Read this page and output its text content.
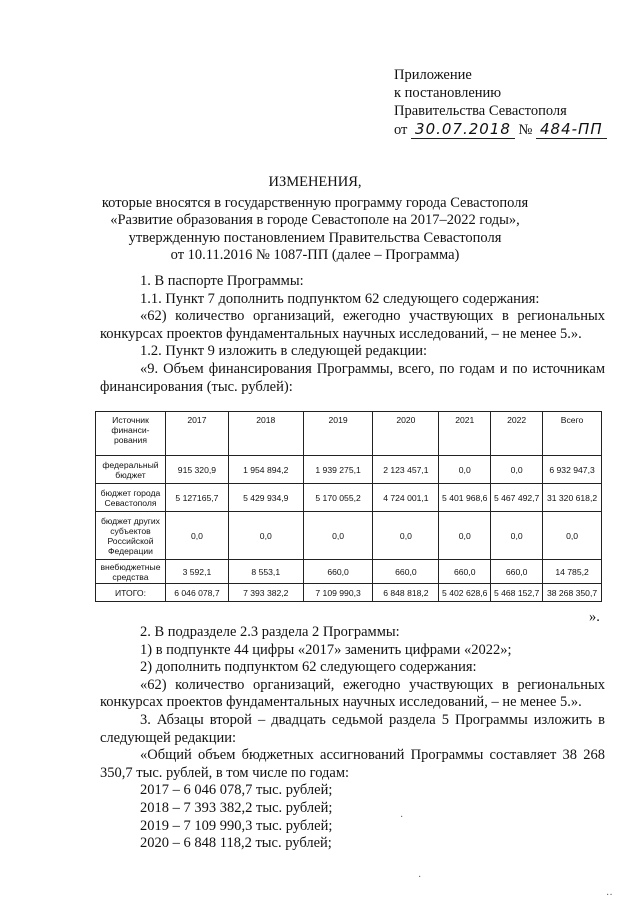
Приложение
к постановлению
Правительства Севастополя
от 30.07.2018 № 484-ПП
ИЗМЕНЕНИЯ,
которые вносятся в государственную программу города Севастополя
«Развитие образования в городе Севастополе на 2017–2022 годы»,
утвержденную постановлением Правительства Севастополя
от 10.11.2016 № 1087-ПП (далее – Программа)

1. В паспорте Программы:

1.1. Пункт 7 дополнить подпунктом 62 следующего содержания:

«62) количество организаций, ежегодно участвующих в региональных конкурсах проектов фундаментальных научных исследований, – не менее 5.».

1.2. Пункт 9 изложить в следующей редакции:

«9. Объем финансирования Программы, всего, по годам и по источникам финансирования (тыс. рублей):

Источник финанси-рования	2017	2018	2019	2020	2021	2022	Всего
федеральный бюджет	915 320,9	1 954 894,2	1 939 275,1	2 123 457,1	0,0	0,0	6 932 947,3
бюджет города Севастополя	5 127165,7	5 429 934,9	5 170 055,2	4 724 001,1	5 401 968,6	5 467 492,7	31 320 618,2
бюджет других субъектов Российской Федерации	0,0	0,0	0,0	0,0	0,0	0,0	0,0
внебюджетные средства	3 592,1	8 553,1	660,0	660,0	660,0	660,0	14 785,2
ИТОГО:	6 046 078,7	7 393 382,2	7 109 990,3	6 848 818,2	5 402 628,6	5 468 152,7	38 268 350,7
».

2. В подразделе 2.3 раздела 2 Программы:

1) в подпункте 44 цифры «2017» заменить цифрами «2022»;

2) дополнить подпунктом 62 следующего содержания:

«62) количество организаций, ежегодно участвующих в региональных конкурсах проектов фундаментальных научных исследований, – не менее 5.».

3. Абзацы второй – двадцать седьмой раздела 5 Программы изложить в следующей редакции:

«Общий объем бюджетных ассигнований Программы составляет 38 268 350,7 тыс. рублей, в том числе по годам:

2017 – 6 046 078,7 тыс. рублей;

2018 – 7 393 382,2 тыс. рублей;

2019 – 7 109 990,3 тыс. рублей;

2020 – 6 848 118,2 тыс. рублей;

·
·
··
